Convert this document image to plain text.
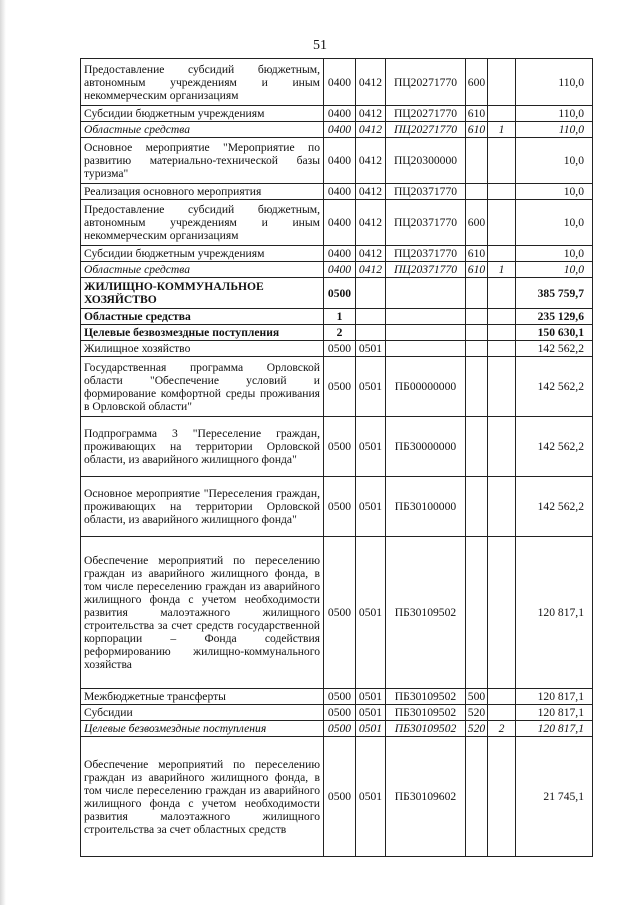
51
Предоставление субсидий бюджетным, автономным учреждениям и иным некоммерческим организациям	0400	0412	ПЦ20271770	600		110,0
Субсидии бюджетным учреждениям	0400	0412	ПЦ20271770	610		110,0
Областные средства	0400	0412	ПЦ20271770	610	1	110,0
Основное мероприятие "Мероприятие по развитию материально-технической базы туризма"	0400	0412	ПЦ20300000			10,0
Реализация основного мероприятия	0400	0412	ПЦ20371770			10,0
Предоставление субсидий бюджетным, автономным учреждениям и иным некоммерческим организациям	0400	0412	ПЦ20371770	600		10,0
Субсидии бюджетным учреждениям	0400	0412	ПЦ20371770	610		10,0
Областные средства	0400	0412	ПЦ20371770	610	1	10,0
ЖИЛИЩНО-КОММУНАЛЬНОЕ ХОЗЯЙСТВО	0500					385 759,7
Областные средства	1					235 129,6
Целевые безвозмездные поступления	2					150 630,1
Жилищное хозяйство	0500	0501				142 562,2
Государственная программа Орловской области "Обеспечение условий и формирование комфортной среды проживания в Орловской области"	0500	0501	ПБ00000000			142 562,2
Подпрограмма 3 "Переселение граждан, проживающих на территории Орловской области, из аварийного жилищного фонда"	0500	0501	ПБ30000000			142 562,2
Основное мероприятие "Переселения граждан, проживающих на территории Орловской области, из аварийного жилищного фонда"	0500	0501	ПБ30100000			142 562,2
Обеспечение мероприятий по переселению граждан из аварийного жилищного фонда, в том числе переселению граждан из аварийного жилищного фонда с учетом необходимости развития малоэтажного жилищного строительства за счет средств государственной корпорации – Фонда содействия реформированию жилищно-коммунального хозяйства	0500	0501	ПБ30109502			120 817,1
Межбюджетные трансферты	0500	0501	ПБ30109502	500		120 817,1
Субсидии	0500	0501	ПБ30109502	520		120 817,1
Целевые безвозмездные поступления	0500	0501	ПБ30109502	520	2	120 817,1
Обеспечение мероприятий по переселению граждан из аварийного жилищного фонда, в том числе переселению граждан из аварийного жилищного фонда с учетом необходимости развития малоэтажного жилищного строительства за счет областных средств	0500	0501	ПБ30109602			21 745,1
